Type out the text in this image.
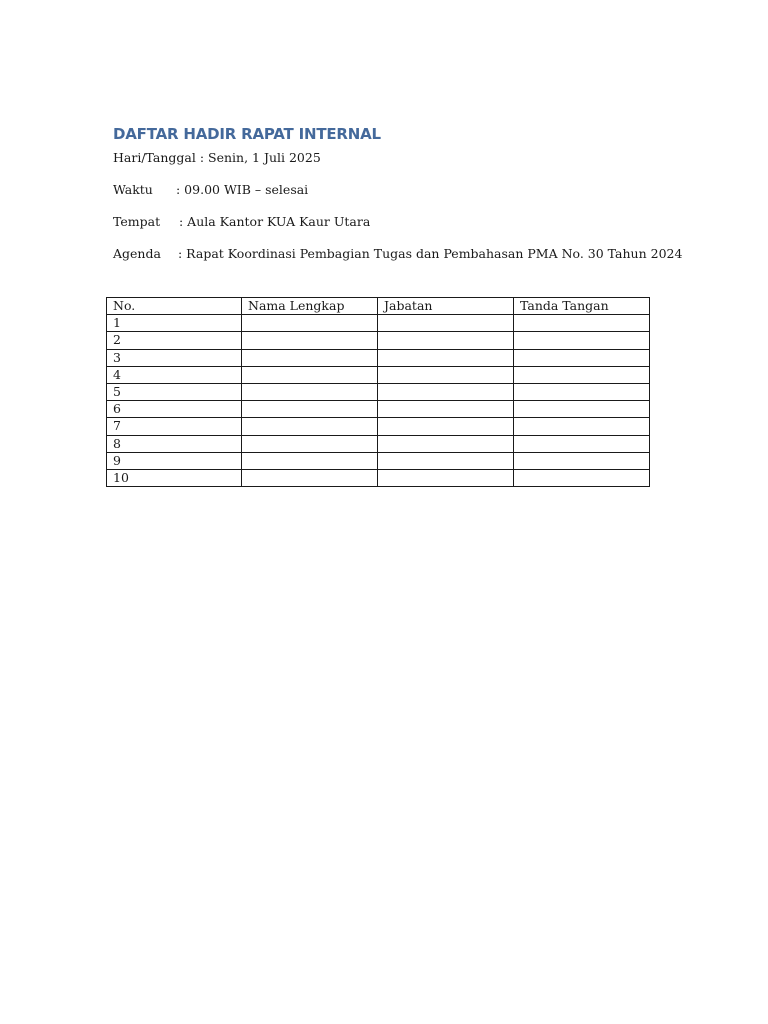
DAFTAR HADIR RAPAT INTERNAL
Hari/Tanggal : Senin, 1 Juli 2025
Waktu : 09.00 WIB – selesai
Tempat : Aula Kantor KUA Kaur Utara
Agenda : Rapat Koordinasi Pembagian Tugas dan Pembahasan PMA No. 30 Tahun 2024
No.	Nama Lengkap	Jabatan	Tanda Tangan
1			
2			
3			
4			
5			
6			
7			
8			
9			
10			
